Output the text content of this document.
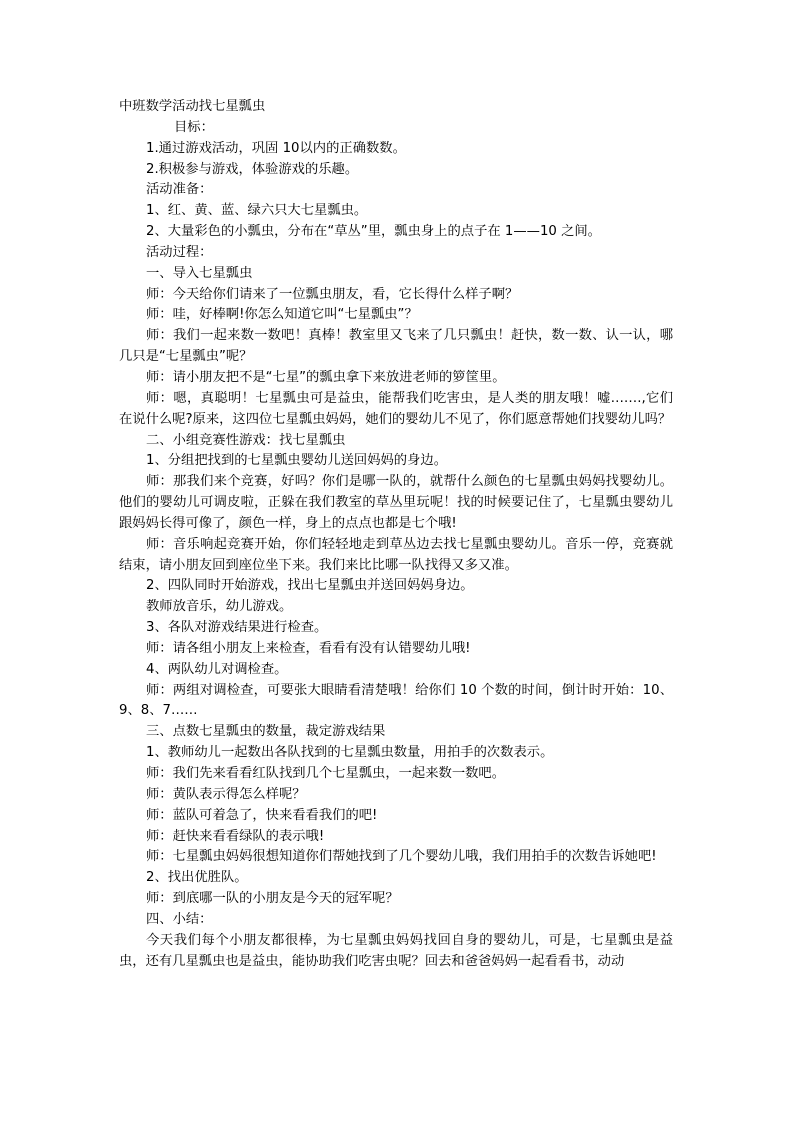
中班数学活动找七星瓢虫

目标：

1.通过游戏活动，巩固 10以内的正确数数。

2.积极参与游戏，体验游戏的乐趣。

活动准备：

1、红、黄、蓝、绿六只大七星瓢虫。

2、大量彩色的小瓢虫，分布在“草丛”里，瓢虫身上的点子在 1——10 之间。

活动过程：

一、导入七星瓢虫

师：今天给你们请来了一位瓢虫朋友，看，它长得什么样子啊？

师：哇，好棒啊!你怎么知道它叫“七星瓢虫”？

师：我们一起来数一数吧！真棒！教室里又飞来了几只瓢虫！赶快，数一数、认一认，哪几只是“七星瓢虫”呢？

师：请小朋友把不是“七星”的瓢虫拿下来放进老师的箩筐里。

师：嗯，真聪明！七星瓢虫可是益虫，能帮我们吃害虫，是人类的朋友哦！嘘…….,它们在说什么呢?原来，这四位七星瓢虫妈妈，她们的婴幼儿不见了，你们愿意帮她们找婴幼儿吗？

二、小组竞赛性游戏：找七星瓢虫

1、分组把找到的七星瓢虫婴幼儿送回妈妈的身边。

师：那我们来个竞赛，好吗？你们是哪一队的，就帮什么颜色的七星瓢虫妈妈找婴幼儿。他们的婴幼儿可调皮啦，正躲在我们教室的草丛里玩呢！找的时候要记住了，七星瓢虫婴幼儿跟妈妈长得可像了，颜色一样，身上的点点也都是七个哦!

师：音乐响起竞赛开始，你们轻轻地走到草丛边去找七星瓢虫婴幼儿。音乐一停，竞赛就结束，请小朋友回到座位坐下来。我们来比比哪一队找得又多又准。

2、四队同时开始游戏，找出七星瓢虫并送回妈妈身边。

教师放音乐，幼儿游戏。

3、各队对游戏结果进行检查。

师：请各组小朋友上来检查，看看有没有认错婴幼儿哦!

4、两队幼儿对调检查。

师：两组对调检查，可要张大眼睛看清楚哦！给你们 10 个数的时间，倒计时开始：10、9、8、7……

三、点数七星瓢虫的数量，裁定游戏结果

1、教师幼儿一起数出各队找到的七星瓢虫数量，用拍手的次数表示。

师：我们先来看看红队找到几个七星瓢虫，一起来数一数吧。

师：黄队表示得怎么样呢？

师：蓝队可着急了，快来看看我们的吧!

师：赶快来看看绿队的表示哦!

师：七星瓢虫妈妈很想知道你们帮她找到了几个婴幼儿哦，我们用拍手的次数告诉她吧!

2、找出优胜队。

师：到底哪一队的小朋友是今天的冠军呢？

四、小结：

今天我们每个小朋友都很棒，为七星瓢虫妈妈找回自身的婴幼儿，可是，七星瓢虫是益虫，还有几星瓢虫也是益虫，能协助我们吃害虫呢？回去和爸爸妈妈一起看看书，动动
